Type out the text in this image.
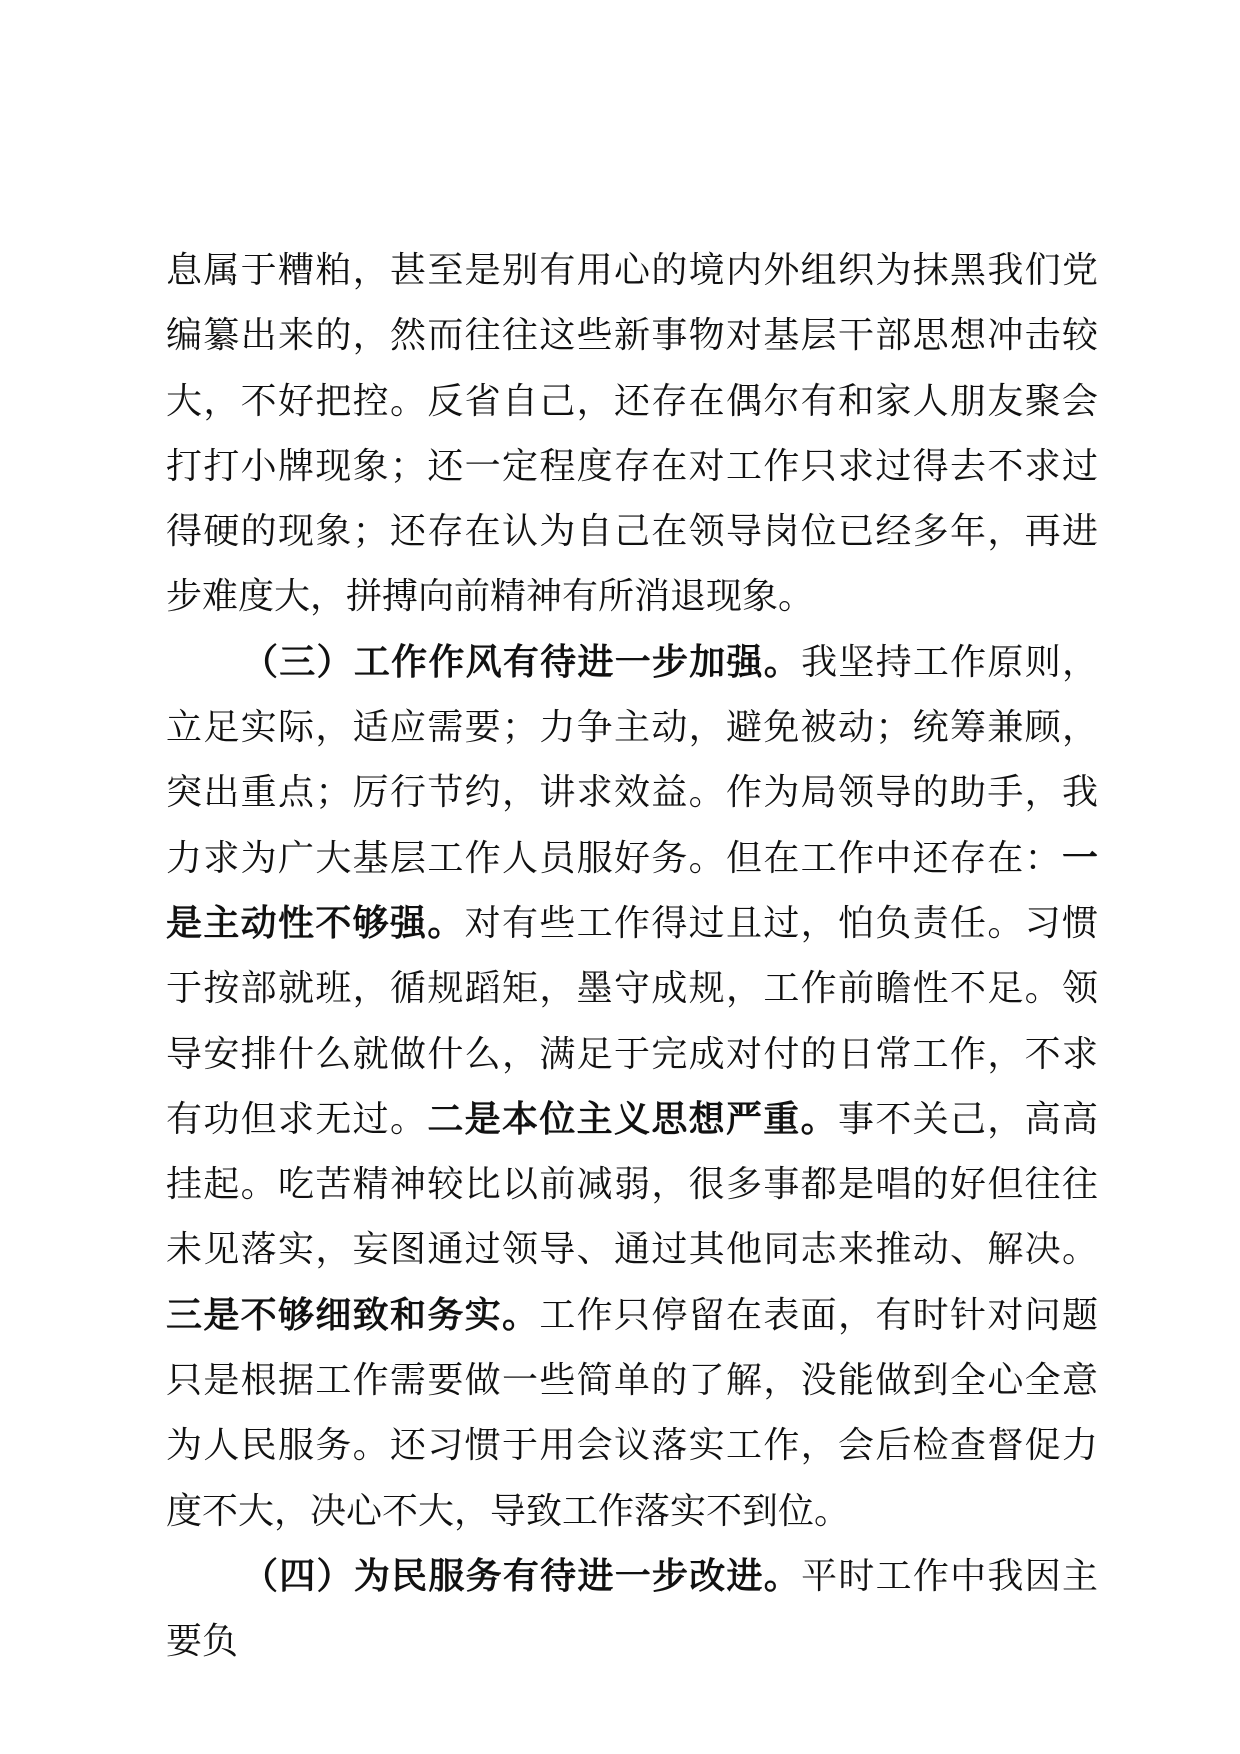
息属于糟粕，甚至是别有用心的境内外组织为抹黑我们党编纂出来的，然而往往这些新事物对基层干部思想冲击较大，不好把控。反省自己，还存在偶尔有和家人朋友聚会打打小牌现象；还一定程度存在对工作只求过得去不求过得硬的现象；还存在认为自己在领导岗位已经多年，再进步难度大，拼搏向前精神有所消退现象。

（三）工作作风有待进一步加强。我坚持工作原则，立足实际，适应需要；力争主动，避免被动；统筹兼顾，突出重点；厉行节约，讲求效益。作为局领导的助手，我力求为广大基层工作人员服好务。但在工作中还存在：一是主动性不够强。对有些工作得过且过，怕负责任。习惯于按部就班，循规蹈矩，墨守成规，工作前瞻性不足。领导安排什么就做什么，满足于完成对付的日常工作，不求有功但求无过。二是本位主义思想严重。事不关己，高高挂起。吃苦精神较比以前减弱，很多事都是唱的好但往往未见落实，妄图通过领导、通过其他同志来推动、解决。三是不够细致和务实。工作只停留在表面，有时针对问题只是根据工作需要做一些简单的了解，没能做到全心全意为人民服务。还习惯于用会议落实工作，会后检查督促力度不大，决心不大，导致工作落实不到位。

（四）为民服务有待进一步改进。平时工作中我因主要负
